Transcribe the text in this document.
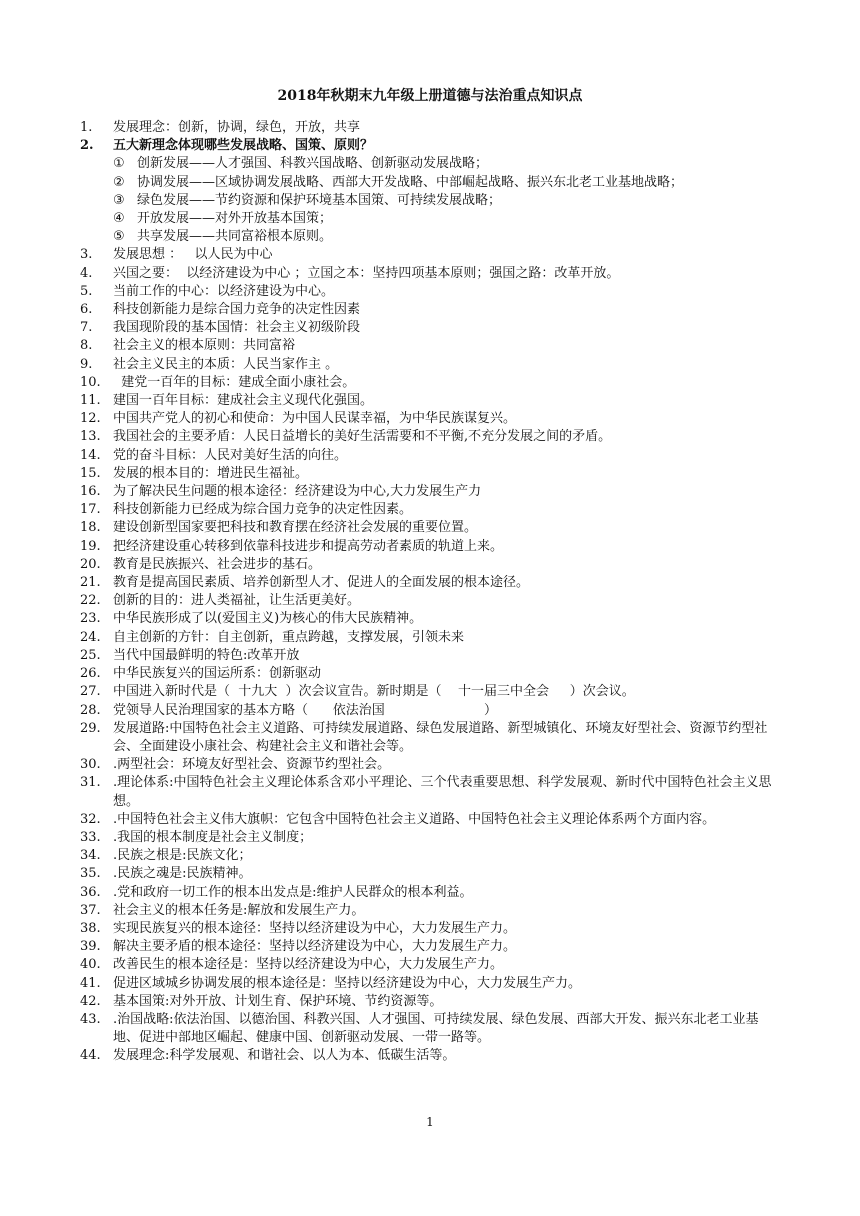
2018年秋期末九年级上册道德与法治重点知识点
1.	发展理念：创新，协调，绿色，开放，共享
2.	五大新理念体现哪些发展战略、国策、原则？
① 创新发展——人才强国、科教兴国战略、创新驱动发展战略；
② 协调发展——区域协调发展战略、西部大开发战略、中部崛起战略、振兴东北老工业基地战略；
③ 绿色发展——节约资源和保护环境基本国策、可持续发展战略；
④ 开放发展——对外开放基本国策；
⑤ 共享发展——共同富裕根本原则。
3.	发展思想 ：   以人民为中心
4.	兴国之要：  以经济建设为中心 ；立国之本：坚持四项基本原则；强国之路：改革开放。
5.	当前工作的中心：以经济建设为中心。
6.	科技创新能力是综合国力竞争的决定性因素
7.	我国现阶段的基本国情：社会主义初级阶段
8.	社会主义的根本原则：共同富裕
9.	社会主义民主的本质：人民当家作主 。
10. 建党一百年的目标：建成全面小康社会。
11. 建国一百年目标：建成社会主义现代化强国。
12. 中国共产党人的初心和使命：为中国人民谋幸福，为中华民族谋复兴。
13. 我国社会的主要矛盾：人民日益增长的美好生活需要和不平衡,不充分发展之间的矛盾。
14. 党的奋斗目标：人民对美好生活的向往。
15. 发展的根本目的：增进民生福祉。
16. 为了解决民生问题的根本途径：经济建设为中心,大力发展生产力
17. 科技创新能力已经成为综合国力竞争的决定性因素。
18. 建设创新型国家要把科技和教育摆在经济社会发展的重要位置。
19. 把经济建设重心转移到依靠科技进步和提高劳动者素质的轨道上来。
20. 教育是民族振兴、社会进步的基石。
21. 教育是提高国民素质、培养创新型人才、促进人的全面发展的根本途径。
22. 创新的目的：进人类福祉，让生活更美好。
23. 中华民族形成了以(爱国主义)为核心的伟大民族精神。
24. 自主创新的方针：自主创新，重点跨越，支撑发展，引领未来
25. 当代中国最鲜明的特色:改革开放
26. 中华民族复兴的国运所系：创新驱动
27. 中国进入新时代是（  十九大  ）次会议宣告。新时期是（    十一届三中全会     ）次会议。
28. 党领导人民治理国家的基本方略（      依法治国                        ）
29. 发展道路:中国特色社会主义道路、可持续发展道路、绿色发展道路、新型城镇化、环境友好型社会、资源节约型社会、全面建设小康社会、构建社会主义和谐社会等。
30. .两型社会：环境友好型社会、资源节约型社会。
31. .理论体系:中国特色社会主义理论体系含邓小平理论、三个代表重要思想、科学发展观、新时代中国特色社会主义思想。
32. .中国特色社会主义伟大旗帜：它包含中国特色社会主义道路、中国特色社会主义理论体系两个方面内容。
33. .我国的根本制度是社会主义制度；
34. .民族之根是:民族文化；
35. .民族之魂是:民族精神。
36. .党和政府一切工作的根本出发点是:维护人民群众的根本利益。
37. 社会主义的根本任务是:解放和发展生产力。
38. 实现民族复兴的根本途径：坚持以经济建设为中心，大力发展生产力。
39. 解决主要矛盾的根本途径：坚持以经济建设为中心，大力发展生产力。
40. 改善民生的根本途径是：坚持以经济建设为中心，大力发展生产力。
41. 促进区域城乡协调发展的根本途径是：坚持以经济建设为中心，大力发展生产力。
42. 基本国策:对外开放、计划生育、保护环境、节约资源等。
43. .治国战略:依法治国、以德治国、科教兴国、人才强国、可持续发展、绿色发展、西部大开发、振兴东北老工业基地、促进中部地区崛起、健康中国、创新驱动发展、一带一路等。
44. 发展理念:科学发展观、和谐社会、以人为本、低碳生活等。
1
